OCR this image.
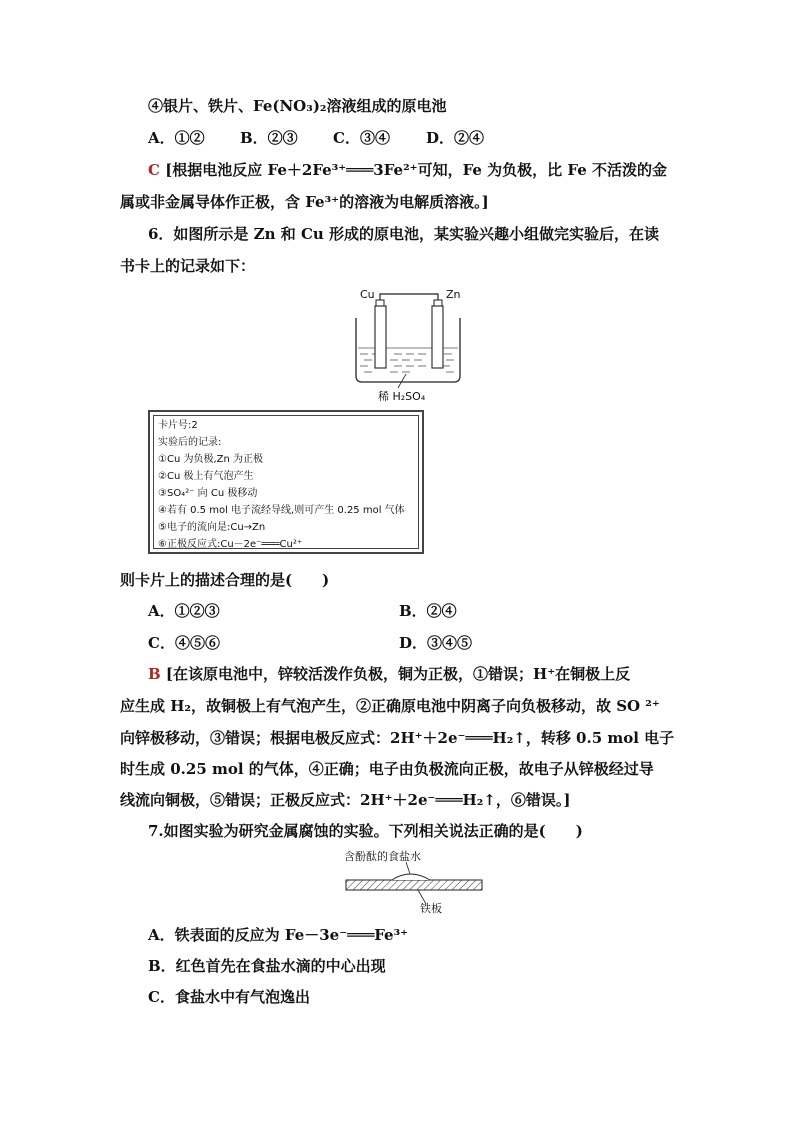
④银片、铁片、Fe(NO₃)₂溶液组成的原电池
A．①② B．②③ C．③④ D．②④
C [根据电池反应 Fe＋2Fe³⁺═══3Fe²⁺可知，Fe 为负极，比 Fe 不活泼的金
属或非金属导体作正极，含 Fe³⁺的溶液为电解质溶液。]
6．如图所示是 Zn 和 Cu 形成的原电池，某实验兴趣小组做完实验后，在读
书卡上的记录如下：
Cu	Zn
稀 H₂SO₄
卡片号:2
实验后的记录:
①Cu 为负极,Zn 为正极
②Cu 极上有气泡产生
③SO₄²⁻ 向 Cu 极移动
④若有 0.5 mol 电子流经导线,则可产生 0.25 mol 气体
⑤电子的流向是:Cu→Zn
⑥正极反应式:Cu－2e⁻═══Cu²⁺
则卡片上的描述合理的是(　　)
A．①②③	B．②④
C．④⑤⑥	D．③④⑤
B [在该原电池中，锌较活泼作负极，铜为正极，①错误；H⁺在铜极上反
应生成 H₂，故铜极上有气泡产生，②正确原电池中阴离子向负极移动，故 SO ²⁺
向锌极移动，③错误；根据电极反应式：2H⁺＋2e⁻═══H₂↑，转移 0.5 mol 电子
时生成 0.25 mol 的气体，④正确；电子由负极流向正极，故电子从锌极经过导
线流向铜极，⑤错误；正极反应式：2H⁺＋2e⁻═══H₂↑，⑥错误。]
7.如图实验为研究金属腐蚀的实验。下列相关说法正确的是(　　)
含酚酞的食盐水
铁板
A．铁表面的反应为 Fe－3e⁻═══Fe³⁺
B．红色首先在食盐水滴的中心出现
C．食盐水中有气泡逸出
